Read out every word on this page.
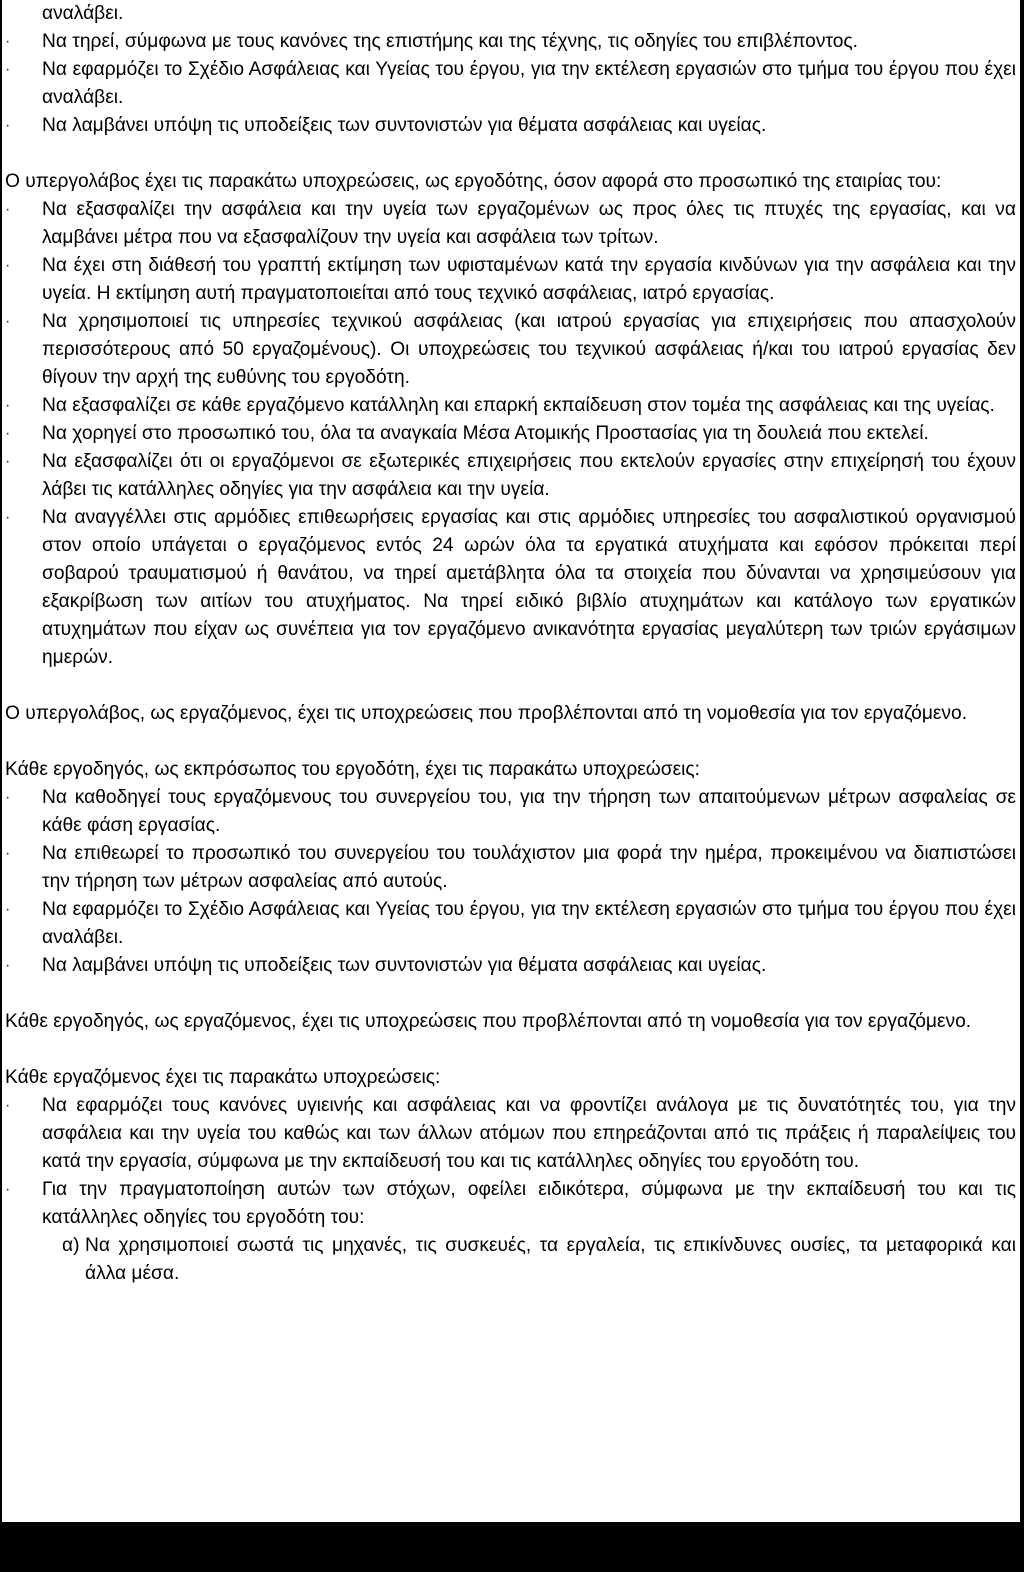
αναλάβει.
· Να τηρεί, σύμφωνα με τους κανόνες της επιστήμης και της τέχνης, τις οδηγίες του επιβλέποντος.
· Να εφαρμόζει το Σχέδιο Ασφάλειας και Υγείας του έργου, για την εκτέλεση εργασιών στο τμήμα του έργου που έχει αναλάβει.
· Να λαμβάνει υπόψη τις υποδείξεις των συντονιστών για θέματα ασφάλειας και υγείας.
Ο υπεργολάβος έχει τις παρακάτω υποχρεώσεις, ως εργοδότης, όσον αφορά στο προσωπικό της εταιρίας του:
· Να εξασφαλίζει την ασφάλεια και την υγεία των εργαζομένων ως προς όλες τις πτυχές της εργασίας, και να λαμβάνει μέτρα που να εξασφαλίζουν την υγεία και ασφάλεια των τρίτων.
· Να έχει στη διάθεσή του γραπτή εκτίμηση των υφισταμένων κατά την εργασία κινδύνων για την ασφάλεια και την υγεία. Η εκτίμηση αυτή πραγματοποιείται από τους τεχνικό ασφάλειας, ιατρό εργασίας.
· Να χρησιμοποιεί τις υπηρεσίες τεχνικού ασφάλειας (και ιατρού εργασίας για επιχειρήσεις που απασχολούν περισσότερους από 50 εργαζομένους). Οι υποχρεώσεις του τεχνικού ασφάλειας ή/και του ιατρού εργασίας δεν θίγουν την αρχή της ευθύνης του εργοδότη.
· Να εξασφαλίζει σε κάθε εργαζόμενο κατάλληλη και επαρκή εκπαίδευση στον τομέα της ασφάλειας και της υγείας.
· Να χορηγεί στο προσωπικό του, όλα τα αναγκαία Μέσα Ατομικής Προστασίας για τη δουλειά που εκτελεί.
· Να εξασφαλίζει ότι οι εργαζόμενοι σε εξωτερικές επιχειρήσεις που εκτελούν εργασίες στην επιχείρησή του έχουν λάβει τις κατάλληλες οδηγίες για την ασφάλεια και την υγεία.
· Να αναγγέλλει στις αρμόδιες επιθεωρήσεις εργασίας και στις αρμόδιες υπηρεσίες του ασφαλιστικού οργανισμού στον οποίο υπάγεται ο εργαζόμενος εντός 24 ωρών όλα τα εργατικά ατυχήματα και εφόσον πρόκειται περί σοβαρού τραυματισμού ή θανάτου, να τηρεί αμετάβλητα όλα τα στοιχεία που δύνανται να χρησιμεύσουν για εξακρίβωση των αιτίων του ατυχήματος. Να τηρεί ειδικό βιβλίο ατυχημάτων και κατάλογο των εργατικών ατυχημάτων που είχαν ως συνέπεια για τον εργαζόμενο ανικανότητα εργασίας μεγαλύτερη των τριών εργάσιμων ημερών.
Ο υπεργολάβος, ως εργαζόμενος, έχει τις υποχρεώσεις που προβλέπονται από τη νομοθεσία για τον εργαζόμενο.
Κάθε εργοδηγός, ως εκπρόσωπος του εργοδότη, έχει τις παρακάτω υποχρεώσεις:
· Να καθοδηγεί τους εργαζόμενους του συνεργείου του, για την τήρηση των απαιτούμενων μέτρων ασφαλείας σε κάθε φάση εργασίας.
· Να επιθεωρεί το προσωπικό του συνεργείου του τουλάχιστον μια φορά την ημέρα, προκειμένου να διαπιστώσει την τήρηση των μέτρων ασφαλείας από αυτούς.
· Να εφαρμόζει το Σχέδιο Ασφάλειας και Υγείας του έργου, για την εκτέλεση εργασιών στο τμήμα του έργου που έχει αναλάβει.
· Να λαμβάνει υπόψη τις υποδείξεις των συντονιστών για θέματα ασφάλειας και υγείας.
Κάθε εργοδηγός, ως εργαζόμενος, έχει τις υποχρεώσεις που προβλέπονται από τη νομοθεσία για τον εργαζόμενο.
Κάθε εργαζόμενος έχει τις παρακάτω υποχρεώσεις:
· Να εφαρμόζει τους κανόνες υγιεινής και ασφάλειας και να φροντίζει ανάλογα με τις δυνατότητές του, για την ασφάλεια και την υγεία του καθώς και των άλλων ατόμων που επηρεάζονται από τις πράξεις ή παραλείψεις του κατά την εργασία, σύμφωνα με την εκπαίδευσή του και τις κατάλληλες οδηγίες του εργοδότη του.
· Για την πραγματοποίηση αυτών των στόχων, οφείλει ειδικότερα, σύμφωνα με την εκπαίδευσή του και τις κατάλληλες οδηγίες του εργοδότη του:
α) Να χρησιμοποιεί σωστά τις μηχανές, τις συσκευές, τα εργαλεία, τις επικίνδυνες ουσίες, τα μεταφορικά και άλλα μέσα.
